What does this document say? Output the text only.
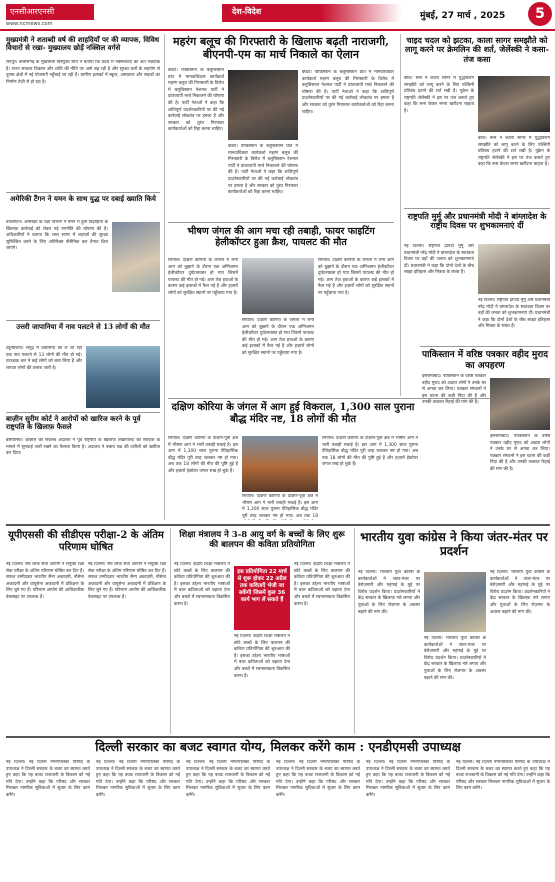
एनसीआरएनसी
www.ncrnews.com
देश-विदेश	मुंबई, 27 मार्च , 2025	5
मुख्यमंत्री ने शताब्दी वर्ष की शाहदियाँ पर की व्यापक, विविध विचारों से रखा- मुख्यालय छोड़ें नक्सिल वर्गसे
रायपुर। छत्तीसगढ़ के मुख्यमंत्री विष्णुदेव साय ने बताया कि प्रदेश में नक्सलवाद का अंत नज़दीक है। राज्य सरकार विकास और शांति की नीति पर आगे बढ़ रही है और सुरक्षा बलों के सहयोग से दूरस्थ क्षेत्रों में नई योजनाएँ पहुँचाई जा रही हैं। ग्रामीण इलाकों में स्कूल, अस्पताल और सड़कों का निर्माण तेज़ी से हो रहा है।
अमेरिकी टैंगन ने यमन के साथ युद्ध पर दबाई ख्याति किये
वाशिंगटन। अमेरिका के रक्षा विभाग ने यमन में हूती विद्रोहियों के खिलाफ़ कार्रवाई को लेकर नई रणनीति की घोषणा की है। अधिकारियों ने बताया कि लाल सागर में जहाज़ों की सुरक्षा सुनिश्चित करने के लिए अतिरिक्त नौसैनिक बल तैनात किए जाएंगे।
उत्तरी जापानिया में नाव पलटने से 13 लोगों की मौत
ट्यूनीशिया। समुद्र में प्रवासियों को ले जा रही एक नाव पलटने से 13 लोगों की मौत हो गई। तटरक्षक बल ने कई लोगों को बचा लिया है और लापता लोगों की तलाश जारी है।
बाज़ीन सुरीम कोर्ट ने आरोपों को खारिज करने के पूर्व राष्ट्रपति के खिलाफ़ फैसले
ब्रासीलिया। ब्राज़ील की सर्वोच्च अदालत ने पूर्व राष्ट्रपति के खिलाफ़ तख्तापलट की साज़िश के मामले में सुनवाई जारी रखने का फैसला किया है। अदालत ने बचाव पक्ष की दलीलों को खारिज कर दिया।
महरंग बलूच की गिरफ्तारी के खिलाफ बढ़ती नाराजगी, बीएनपी-एम का मार्च निकाले का ऐलान
क्वेटा। पाकिस्तान के बलूचिस्तान प्रांत में मानवाधिकार कार्यकर्ता महरंग बलूच की गिरफ्तारी के विरोध में बलूचिस्तान नेशनल पार्टी ने प्रांतव्यापी मार्च निकालने की घोषणा की है। पार्टी नेताओं ने कहा कि शांतिपूर्ण प्रदर्शनकारियों पर की गई कार्रवाई लोकतंत्र पर हमला है और सरकार को तुरंत गिरफ्तार कार्यकर्ताओं को रिहा करना चाहिए।
क्वेटा। पाकिस्तान के बलूचिस्तान प्रांत में मानवाधिकार कार्यकर्ता महरंग बलूच की गिरफ्तारी के विरोध में बलूचिस्तान नेशनल पार्टी ने प्रांतव्यापी मार्च निकालने की घोषणा की है। पार्टी नेताओं ने कहा कि शांतिपूर्ण प्रदर्शनकारियों पर की गई कार्रवाई लोकतंत्र पर हमला है और सरकार को तुरंत गिरफ्तार कार्यकर्ताओं को रिहा करना चाहिए।
क्वेटा। पाकिस्तान के बलूचिस्तान प्रांत में मानवाधिकार कार्यकर्ता महरंग बलूच की गिरफ्तारी के विरोध में बलूचिस्तान नेशनल पार्टी ने प्रांतव्यापी मार्च निकालने की घोषणा की है। पार्टी नेताओं ने कहा कि शांतिपूर्ण प्रदर्शनकारियों पर की गई कार्रवाई लोकतंत्र पर हमला है और सरकार को तुरंत गिरफ्तार कार्यकर्ताओं को रिहा करना चाहिए।
भीषण जंगल की आग मचा रही तबाही, फायर फाइटिंग हेलीकॉप्टर हुआ क्रैश, पायलट की मौत
सियोल। दक्षिण कोरिया के जंगलों में लगी आग को बुझाने के दौरान एक अग्निशमन हेलीकॉप्टर दुर्घटनाग्रस्त हो गया जिसमें पायलट की मौत हो गई। आग तेज़ हवाओं के कारण कई इलाकों में फैल गई है और हज़ारों लोगों को सुरक्षित स्थानों पर पहुँचाया गया है।
सियोल। दक्षिण कोरिया के जंगलों में लगी आग को बुझाने के दौरान एक अग्निशमन हेलीकॉप्टर दुर्घटनाग्रस्त हो गया जिसमें पायलट की मौत हो गई। आग तेज़ हवाओं के कारण कई इलाकों में फैल गई है और हज़ारों लोगों को सुरक्षित स्थानों पर पहुँचाया गया है।
सियोल। दक्षिण कोरिया के जंगलों में लगी आग को बुझाने के दौरान एक अग्निशमन हेलीकॉप्टर दुर्घटनाग्रस्त हो गया जिसमें पायलट की मौत हो गई। आग तेज़ हवाओं के कारण कई इलाकों में फैल गई है और हज़ारों लोगों को सुरक्षित स्थानों पर पहुँचाया गया है।
दक्षिण कोरिया के जंगल में आग हुई विकराल, 1,300 साल पुराना बौद्ध मंदिर नष्ट, 18 लोगों की मौत
सियोल। दक्षिण कोरिया के दक्षिण-पूर्वी क्षेत्र में भीषण आग ने भारी तबाही मचाई है। इस आग में 1,300 साल पुराना ऐतिहासिक बौद्ध मंदिर पूरी तरह जलकर नष्ट हो गया। अब तक 18 लोगों की मौत की पुष्टि हुई है और हज़ारों हेक्टेयर जंगल राख हो चुके हैं।
सियोल। दक्षिण कोरिया के दक्षिण-पूर्वी क्षेत्र में भीषण आग ने भारी तबाही मचाई है। इस आग में 1,300 साल पुराना ऐतिहासिक बौद्ध मंदिर पूरी तरह जलकर नष्ट हो गया। अब तक 18
सियोल। दक्षिण कोरिया के दक्षिण-पूर्वी क्षेत्र में भीषण आग ने भारी तबाही मचाई है। इस आग में 1,300 साल पुराना ऐतिहासिक बौद्ध मंदिर पूरी तरह जलकर नष्ट हो गया। अब तक 18 लोगों की मौत की पुष्टि हुई है और हज़ारों हेक्टेयर जंगल राख हो चुके हैं।
चाइद चदल को झटका, काला सागर समझौते को लागू करने पर क्रेमलिन की शर्त, जेलेंस्की ने कसा-तंज कसा
कीव। रूस ने काला सागर में युद्धविराम समझौते को लागू करने के लिए पश्चिमी प्रतिबंध हटाने की शर्त रखी है। यूक्रेन के राष्ट्रपति जेलेंस्की ने इस पर तंज कसते हुए कहा कि रूस केवल समय खरीदना चाहता है।
कीव। रूस ने काला सागर में युद्धविराम समझौते को लागू करने के लिए पश्चिमी प्रतिबंध हटाने की शर्त रखी है। यूक्रेन के राष्ट्रपति जेलेंस्की ने इस पर तंज कसते हुए कहा कि रूस केवल समय खरीदना चाहता है।
राष्ट्रपति मुर्मू और प्रधानमंत्री मोदी ने बांग्लादेश के राष्ट्रीय दिवस पर शुभकामनाएं दीं
नई दिल्ली। राष्ट्रपति द्रौपदी मुर्मू और प्रधानमंत्री नरेंद्र मोदी ने बांग्लादेश के स्वतंत्रता दिवस पर वहाँ की जनता को शुभकामनाएं दीं। प्रधानमंत्री ने कहा कि दोनों देशों के बीच साझा इतिहास और मित्रता के संबंध हैं।
नई दिल्ली। राष्ट्रपति द्रौपदी मुर्मू और प्रधानमंत्री नरेंद्र मोदी ने बांग्लादेश के स्वतंत्रता दिवस पर वहाँ की जनता को शुभकामनाएं दीं। प्रधानमंत्री ने कहा कि दोनों देशों के बीच साझा इतिहास और मित्रता के संबंध हैं।
पाकिस्तान में वरिष्ठ पत्रकार वहीद मुराद का अपहरण
इस्लामाबाद। पाकिस्तान के वरिष्ठ पत्रकार वहीद मुराद को अज्ञात लोगों ने उनके घर से अगवा कर लिया। पत्रकार संगठनों ने इस घटना की कड़ी निंदा की है और उनकी तत्काल रिहाई की मांग की है।
इस्लामाबाद। पाकिस्तान के वरिष्ठ पत्रकार वहीद मुराद को अज्ञात लोगों ने उनके घर से अगवा कर लिया। पत्रकार संगठनों ने इस घटना की कड़ी निंदा की है और उनकी तत्काल रिहाई की मांग की है।
यूपीएससी की सीडीएस परीक्षा-2 के अंतिम परिणाम घोषित
नई दिल्ली। संघ लोक सेवा आयोग ने संयुक्त रक्षा सेवा परीक्षा के अंतिम परिणाम घोषित कर दिए हैं। सफल उम्मीदवार भारतीय सैन्य अकादमी, नौसेना अकादमी और वायुसेना अकादमी में प्रशिक्षण के लिए चुने गए हैं। परिणाम आयोग की आधिकारिक वेबसाइट पर उपलब्ध हैं।
नई दिल्ली। संघ लोक सेवा आयोग ने संयुक्त रक्षा सेवा परीक्षा के अंतिम परिणाम घोषित कर दिए हैं। सफल उम्मीदवार भारतीय सैन्य अकादमी, नौसेना अकादमी और वायुसेना अकादमी में प्रशिक्षण के लिए चुने गए हैं। परिणाम आयोग की आधिकारिक वेबसाइट पर उपलब्ध हैं।
शिक्षा मंत्रालय ने 3-8 आयु वर्ग के बच्चों के लिए शुरू की बालपन की कविता प्रतियोगिता
नई दिल्ली। केंद्रीय शिक्षा मंत्रालय ने छोटे बच्चों के लिए बालपन की कविता प्रतियोगिता की शुरुआत की है। इसका उद्देश्य भारतीय भाषाओं में बाल कविताओं को बढ़ावा देना और बच्चों में रचनात्मकता विकसित करना है।
इस प्रतियोगिता 22 मार्च से शुरू होकर 22 अप्रैल तक कविताएँ भेजी जा सकेंगी जिसमें कुल 36 कार्य भाग लें सकते हैं
नई दिल्ली। केंद्रीय शिक्षा मंत्रालय ने छोटे बच्चों के लिए बालपन की कविता प्रतियोगिता की शुरुआत की है। इसका उद्देश्य भारतीय भाषाओं में बाल कविताओं को बढ़ावा देना और बच्चों में रचनात्मकता विकसित करना है।
नई दिल्ली। केंद्रीय शिक्षा मंत्रालय ने छोटे बच्चों के लिए बालपन की कविता प्रतियोगिता की शुरुआत की है। इसका उद्देश्य भारतीय भाषाओं में बाल कविताओं को बढ़ावा देना और बच्चों में रचनात्मकता विकसित करना है।
भारतीय युवा कांग्रेस ने किया जंतर-मंतर पर प्रदर्शन
नई दिल्ली। भारतीय युवा कांग्रेस के कार्यकर्ताओं ने जंतर-मंतर पर बेरोज़गारी और महंगाई के मुद्दे पर विरोध प्रदर्शन किया। प्रदर्शनकारियों ने केंद्र सरकार के खिलाफ़ नारे लगाए और युवाओं के लिए रोज़गार के अवसर बढ़ाने की मांग की।
नई दिल्ली। भारतीय युवा कांग्रेस के कार्यकर्ताओं ने जंतर-मंतर पर बेरोज़गारी और महंगाई के मुद्दे पर विरोध प्रदर्शन किया। प्रदर्शनकारियों ने केंद्र सरकार के खिलाफ़ नारे लगाए और युवाओं के लिए रोज़गार के अवसर बढ़ाने की मांग की।
नई दिल्ली। भारतीय युवा कांग्रेस के कार्यकर्ताओं ने जंतर-मंतर पर बेरोज़गारी और महंगाई के मुद्दे पर विरोध प्रदर्शन किया। प्रदर्शनकारियों ने केंद्र सरकार के खिलाफ़ नारे लगाए और युवाओं के लिए रोज़गार के अवसर बढ़ाने की मांग की।
दिल्ली सरकार का बजट स्वागत योग्य, मिलकर करेंगे काम : एनडीएमसी उपाध्यक्ष
नई दिल्ली। नई दिल्ली नगरपालिका परिषद के उपाध्यक्ष ने दिल्ली सरकार के बजट का स्वागत करते हुए कहा कि यह बजट राजधानी के विकास को नई गति देगा। उन्होंने कहा कि परिषद और सरकार मिलकर नागरिक सुविधाओं में सुधार के लिए काम करेंगे।
नई दिल्ली। नई दिल्ली नगरपालिका परिषद के उपाध्यक्ष ने दिल्ली सरकार के बजट का स्वागत करते हुए कहा कि यह बजट राजधानी के विकास को नई गति देगा। उन्होंने कहा कि परिषद और सरकार मिलकर नागरिक सुविधाओं में सुधार के लिए काम करेंगे।
नई दिल्ली। नई दिल्ली नगरपालिका परिषद के उपाध्यक्ष ने दिल्ली सरकार के बजट का स्वागत करते हुए कहा कि यह बजट राजधानी के विकास को नई गति देगा। उन्होंने कहा कि परिषद और सरकार मिलकर नागरिक सुविधाओं में सुधार के लिए काम करेंगे।
नई दिल्ली। नई दिल्ली नगरपालिका परिषद के उपाध्यक्ष ने दिल्ली सरकार के बजट का स्वागत करते हुए कहा कि यह बजट राजधानी के विकास को नई गति देगा। उन्होंने कहा कि परिषद और सरकार मिलकर नागरिक सुविधाओं में सुधार के लिए काम करेंगे।
नई दिल्ली। नई दिल्ली नगरपालिका परिषद के उपाध्यक्ष ने दिल्ली सरकार के बजट का स्वागत करते हुए कहा कि यह बजट राजधानी के विकास को नई गति देगा। उन्होंने कहा कि परिषद और सरकार मिलकर नागरिक सुविधाओं में सुधार के लिए काम करेंगे।
नई दिल्ली। नई दिल्ली नगरपालिका परिषद के उपाध्यक्ष ने दिल्ली सरकार के बजट का स्वागत करते हुए कहा कि यह बजट राजधानी के विकास को नई गति देगा। उन्होंने कहा कि परिषद और सरकार मिलकर नागरिक सुविधाओं में सुधार के लिए काम करेंगे।
